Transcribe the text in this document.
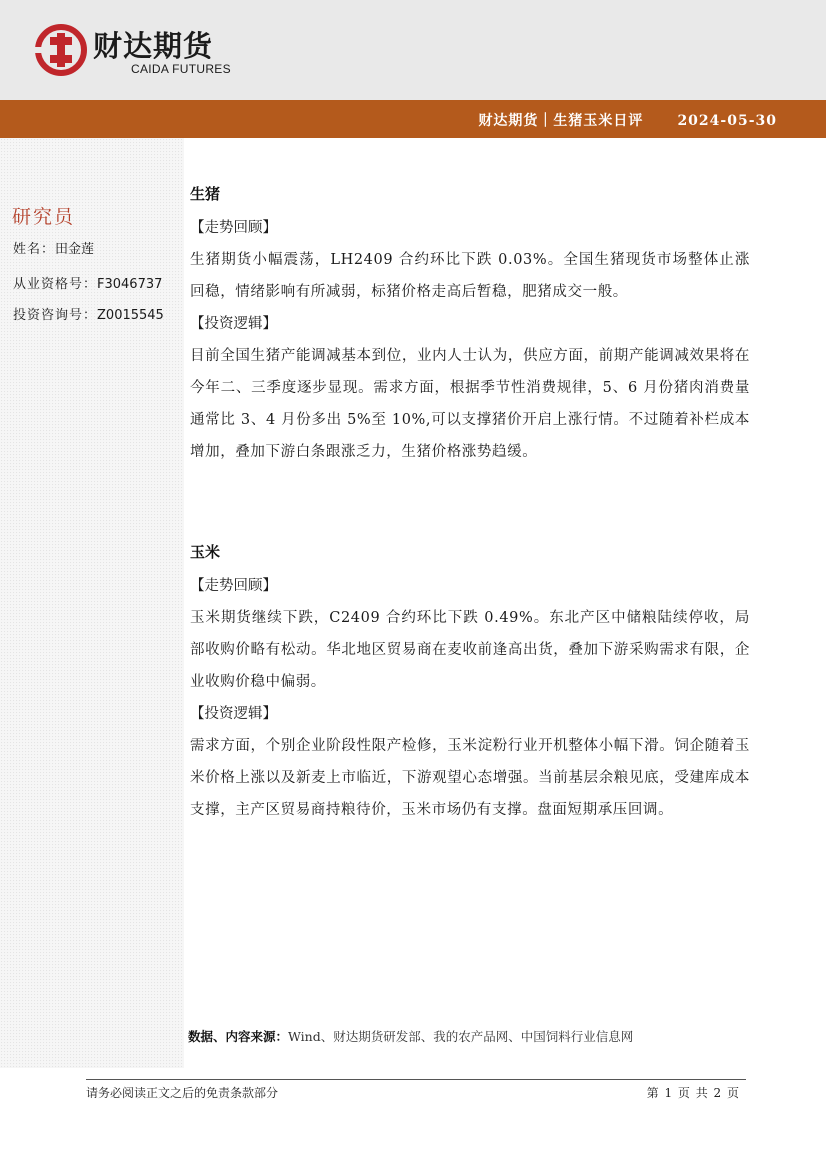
财达期货
CAIDA FUTURES
财达期货｜生猪玉米日评 2024-05-30
研究员
姓名：田金莲
从业资格号：F3046737
投资咨询号：Z0015545
生猪

【走势回顾】

生猪期货小幅震荡，LH2409 合约环比下跌 0.03%。全国生猪现货市场整体止涨回稳，情绪影响有所减弱，标猪价格走高后暂稳，肥猪成交一般。

【投资逻辑】

目前全国生猪产能调减基本到位，业内人士认为，供应方面，前期产能调减效果将在今年二、三季度逐步显现。需求方面，根据季节性消费规律，5、6 月份猪肉消费量通常比 3、4 月份多出 5%至 10%,可以支撑猪价开启上涨行情。不过随着补栏成本增加，叠加下游白条跟涨乏力，生猪价格涨势趋缓。

玉米

【走势回顾】

玉米期货继续下跌，C2409 合约环比下跌 0.49%。东北产区中储粮陆续停收，局部收购价略有松动。华北地区贸易商在麦收前逢高出货，叠加下游采购需求有限，企业收购价稳中偏弱。

【投资逻辑】

需求方面，个别企业阶段性限产检修，玉米淀粉行业开机整体小幅下滑。饲企随着玉米价格上涨以及新麦上市临近，下游观望心态增强。当前基层余粮见底，受建库成本支撑，主产区贸易商持粮待价，玉米市场仍有支撑。盘面短期承压回调。

数据、内容来源：Wind、财达期货研发部、我的农产品网、中国饲料行业信息网
请务必阅读正文之后的免责条款部分	第 1 页 共 2 页
